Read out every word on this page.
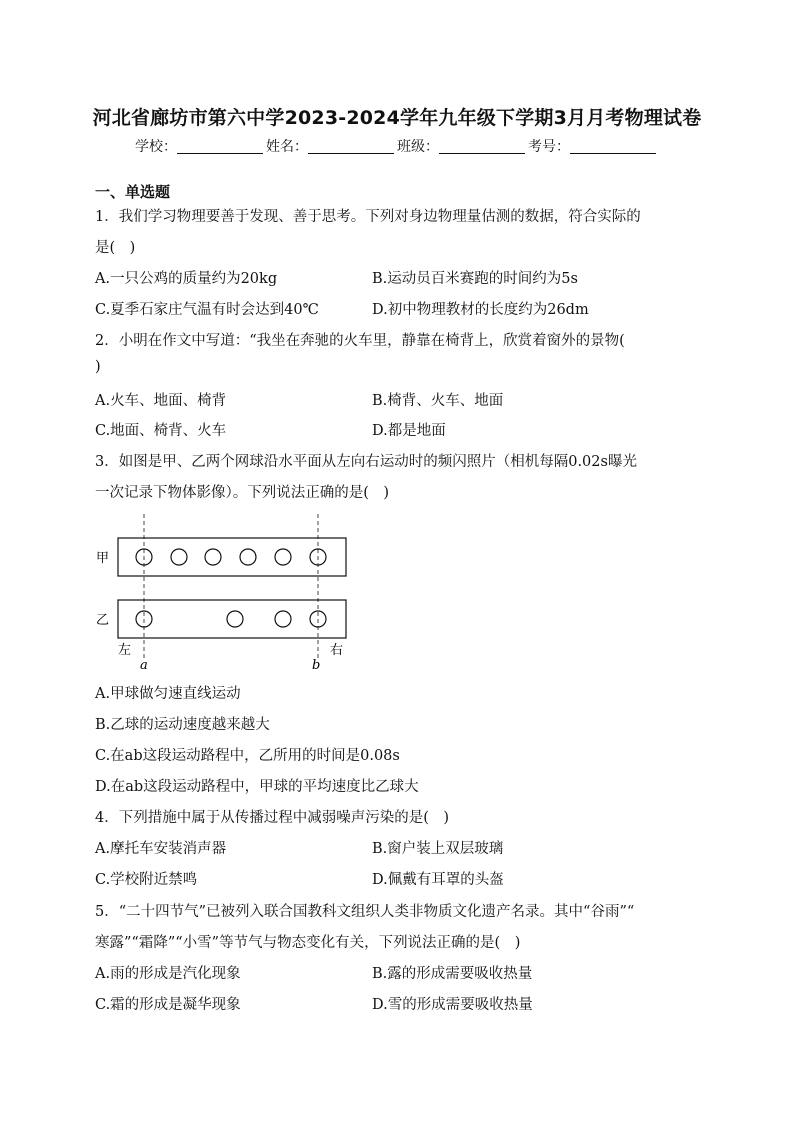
河北省廊坊市第六中学2023-2024学年九年级下学期3月月考物理试卷
学校：	姓名：	班级：	考号：
一、单选题
1．我们学习物理要善于发现、善于思考。下列对身边物理量估测的数据，符合实际的
是(　)
A.一只公鸡的质量约为20kg	B.运动员百米赛跑的时间约为5s
C.夏季石家庄气温有时会达到40℃	D.初中物理教材的长度约为26dm
2．小明在作文中写道：“我坐在奔驰的火车里，静靠在椅背上，欣赏着窗外的景物(
)
A.火车、地面、椅背	B.椅背、火车、地面
C.地面、椅背、火车	D.都是地面
3．如图是甲、乙两个网球沿水平面从左向右运动时的频闪照片（相机每隔0.02s曝光
一次记录下物体影像）。下列说法正确的是(　)
甲
乙
左	右
a	b
A.甲球做匀速直线运动
B.乙球的运动速度越来越大
C.在ab这段运动路程中，乙所用的时间是0.08s
D.在ab这段运动路程中，甲球的平均速度比乙球大
4．下列措施中属于从传播过程中减弱噪声污染的是(　)
A.摩托车安装消声器	B.窗户装上双层玻璃
C.学校附近禁鸣	D.佩戴有耳罩的头盔
5．“二十四节气”已被列入联合国教科文组织人类非物质文化遗产名录。其中“谷雨”“
寒露”“霜降”“小雪”等节气与物态变化有关，下列说法正确的是(　)
A.雨的形成是汽化现象	B.露的形成需要吸收热量
C.霜的形成是凝华现象	D.雪的形成需要吸收热量
